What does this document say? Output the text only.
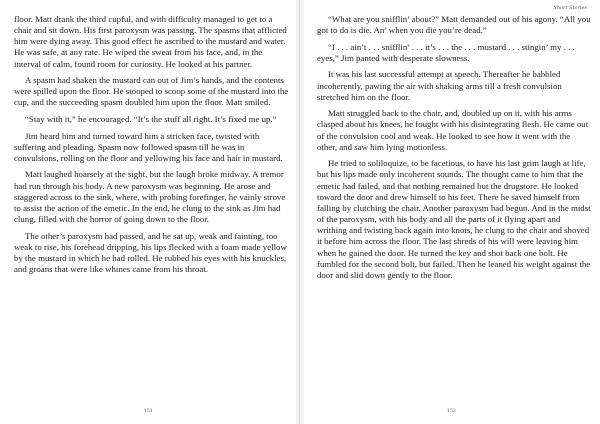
floor. Matt drank the third cupful, and with difficulty managed to get to a chair and sit down. His first paroxysm was passing. The spasms that afflicted him were dying away. This good effect he ascribed to the mustard and water. He was safe, at any rate. He wiped the sweat from his face, and, in the interval of calm, found room for curiosity. He looked at his partner.

A spasm had shaken the mustard can out of Jim’s hands, and the contents were spilled upon the floor. He stooped to scoop some of the mustard into the cup, and the succeeding spasm doubled him upon the floor. Matt smiled.

“Stay with it,” he encouraged. “It’s the stuff all right. It’s fixed me up.”

Jim heard him and turned toward him a stricken face, twisted with suffering and pleading. Spasm now followed spasm till he was in convulsions, rolling on the floor and yellowing his face and hair in mustard.

Matt laughed hoarsely at the sight, but the laugh broke midway. A tremor had run through his body. A new paroxysm was beginning. He arose and staggered across to the sink, where, with probing forefinger, he vainly strove to assist the action of the emetic. In the end, he clung to the sink as Jim had clung, filled with the horror of going down to the floor.

The other’s paroxysm had passed, and he sat up, weak and fainting, too weak to rise, his forehead dripping, his lips flecked with a foam made yellow by the mustard in which he had rolled. He rubbed his eyes with his knuckles, and groans that were like whines came from his throat.

151
Short Stories

“What are you snifflin’ about?” Matt demanded out of his agony. “All you got to do is die. An’ when you die you’re dead.”

“I . . . ain’t . . . snifflin’ . . . it’s . . . the . . . mustard . . . stingin’ my . . . eyes,” Jim panted with desperate slowness.

It was his last successful attempt at speech. Thereafter he babbled incoherently, pawing the air with shaking arms till a fresh convulsion stretched him on the floor.

Matt struggled back to the chair, and, doubled up on it, with his arms clasped about his knees, he fought with his disintegrating flesh. He came out of the convulsion cool and weak. He looked to see how it went with the other, and saw him lying motionless.

He tried to soliloquize, to be facetious, to have his last grim laugh at life, but his lips made only incoherent sounds. The thought came to him that the emetic had failed, and that nothing remained but the drugstore. He looked toward the door and drew himself to his feet. There he saved himself from falling by clutching the chair. Another paroxysm had begun. And in the midst of the paroxysm, with his body and all the parts of it flying apart and writhing and twisting back again into knots, he clung to the chair and shoved it before him across the floor. The last shreds of his will were leaving him when he gained the door. He turned the key and shot back one bolt. He fumbled for the second bolt, but failed. Then he leaned his weight against the door and slid down gently to the floor.

152
